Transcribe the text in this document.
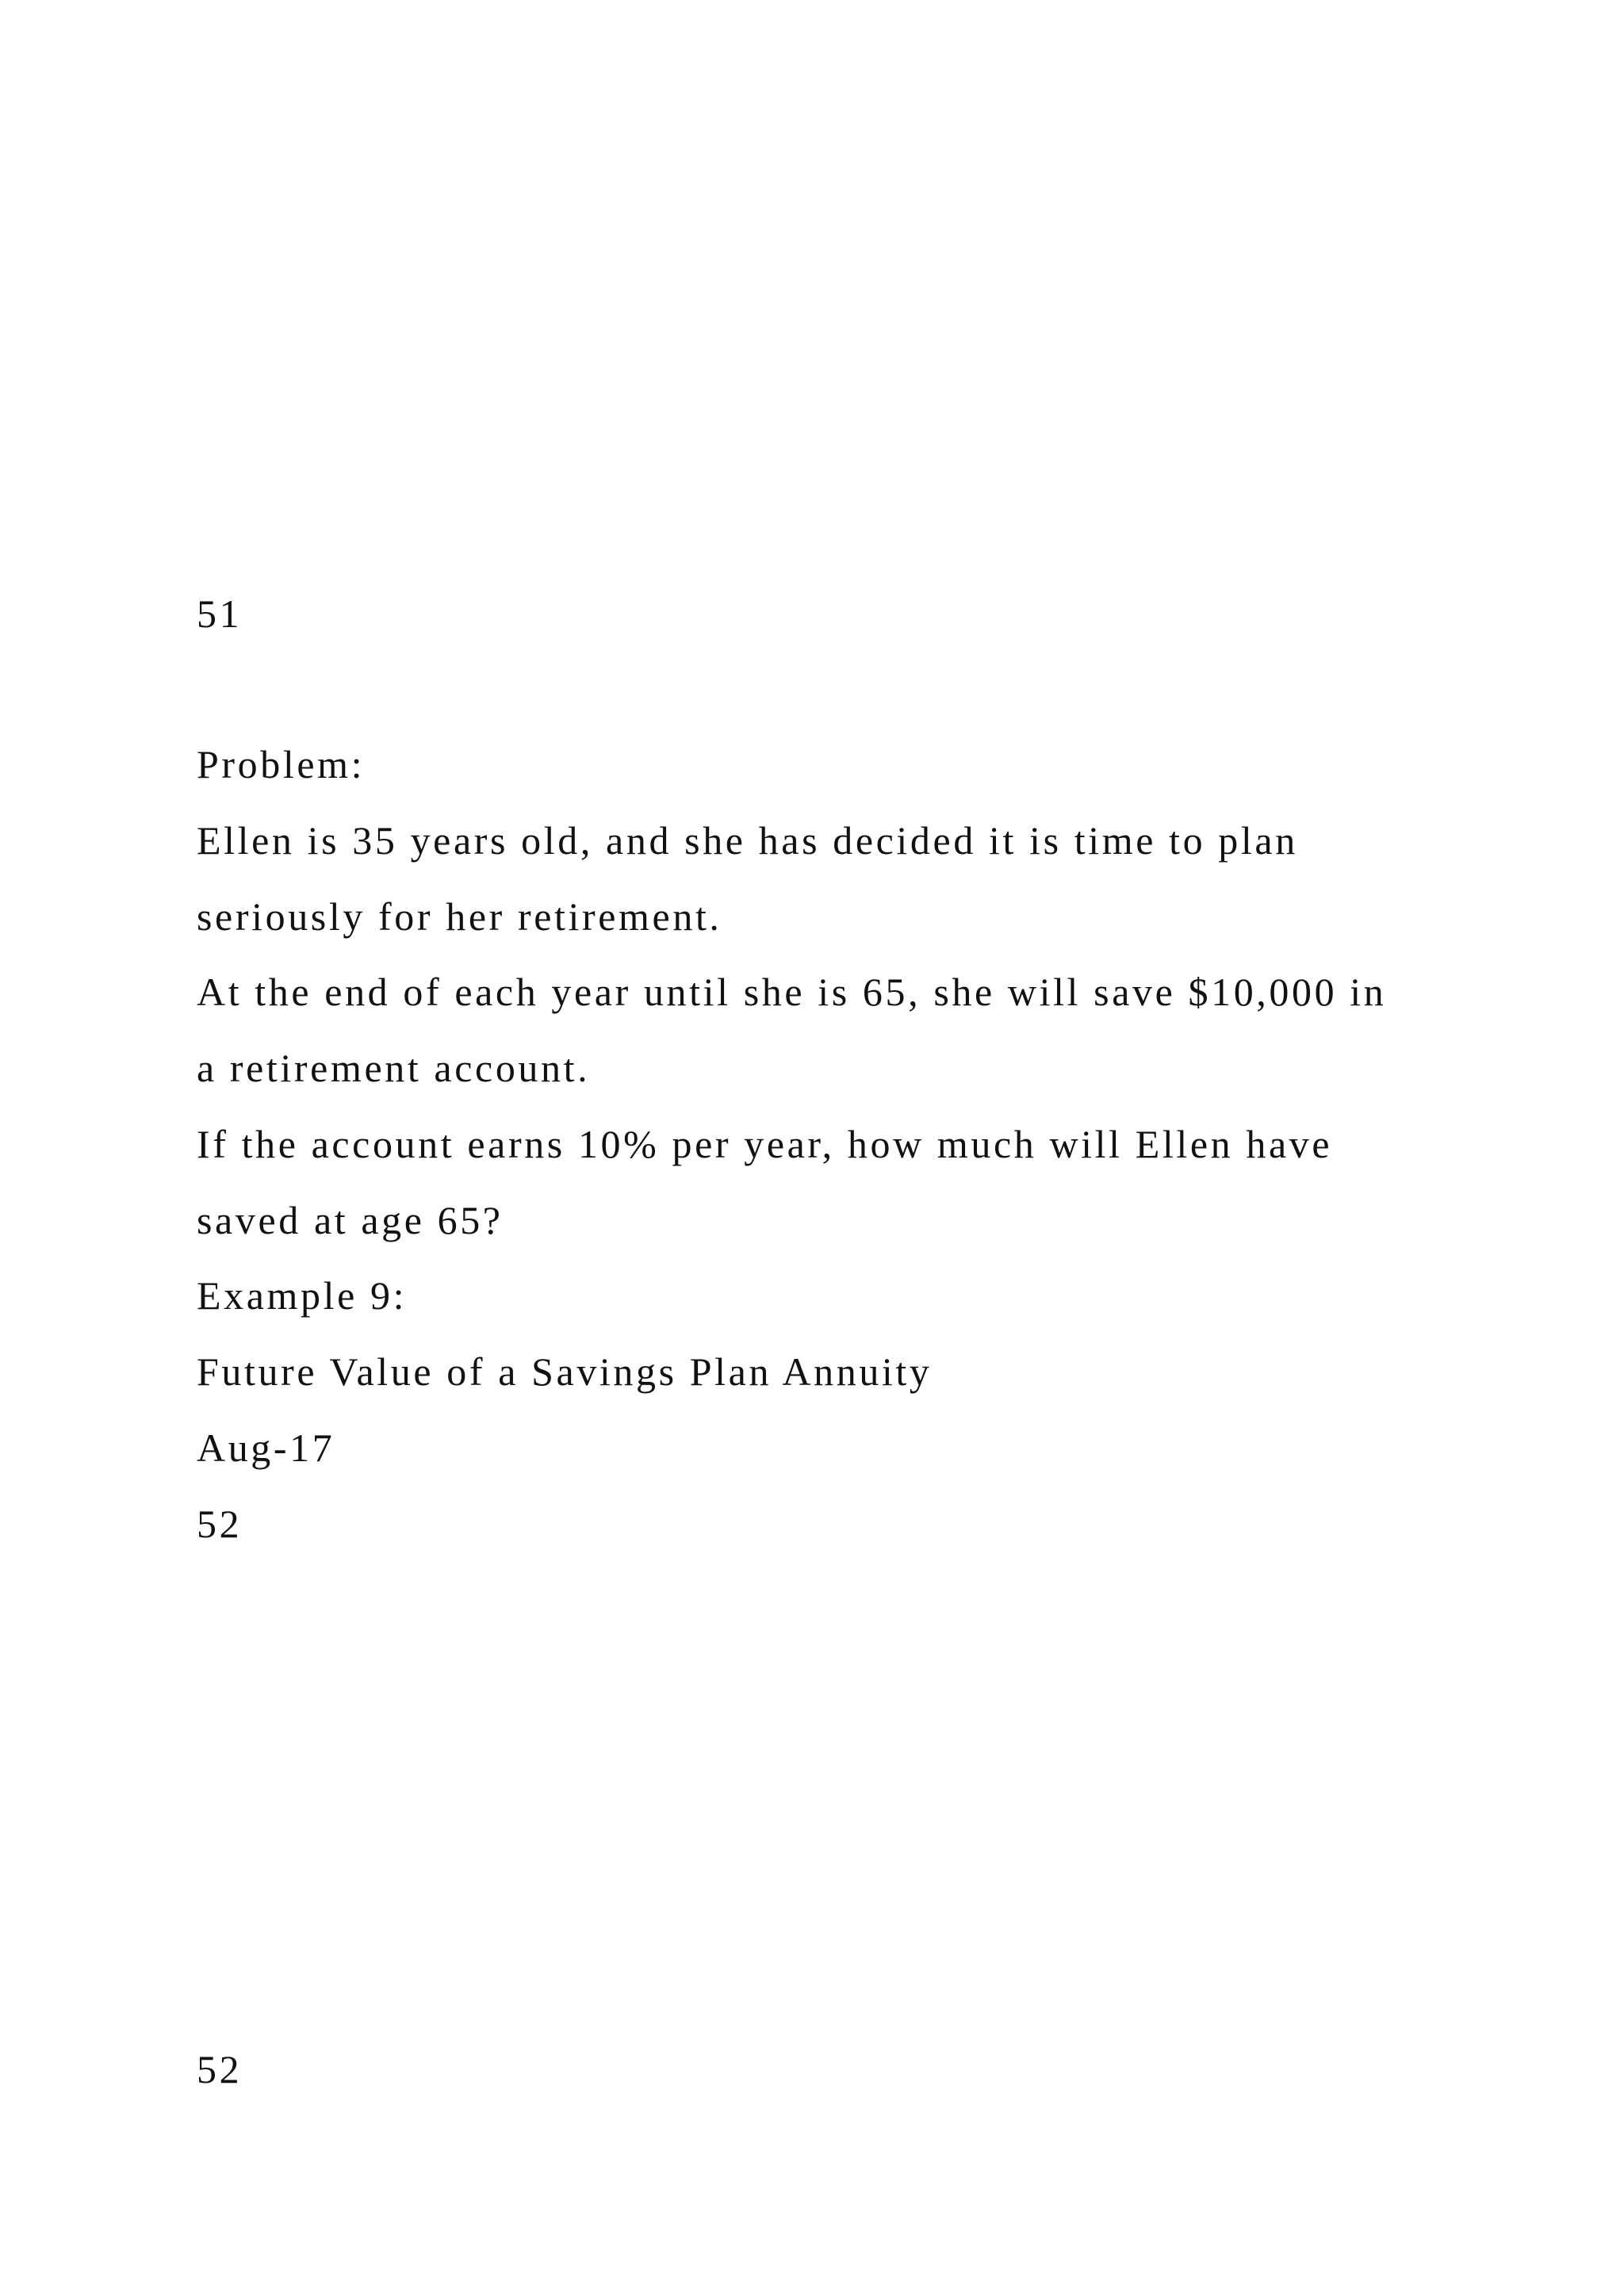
51

Problem:

Ellen is 35 years old, and she has decided it is time to plan

seriously for her retirement.

At the end of each year until she is 65, she will save $10,000 in

a retirement account.

If the account earns 10% per year, how much will Ellen have

saved at age 65?

Example 9:

Future Value of a Savings Plan Annuity

Aug-17

52

52
